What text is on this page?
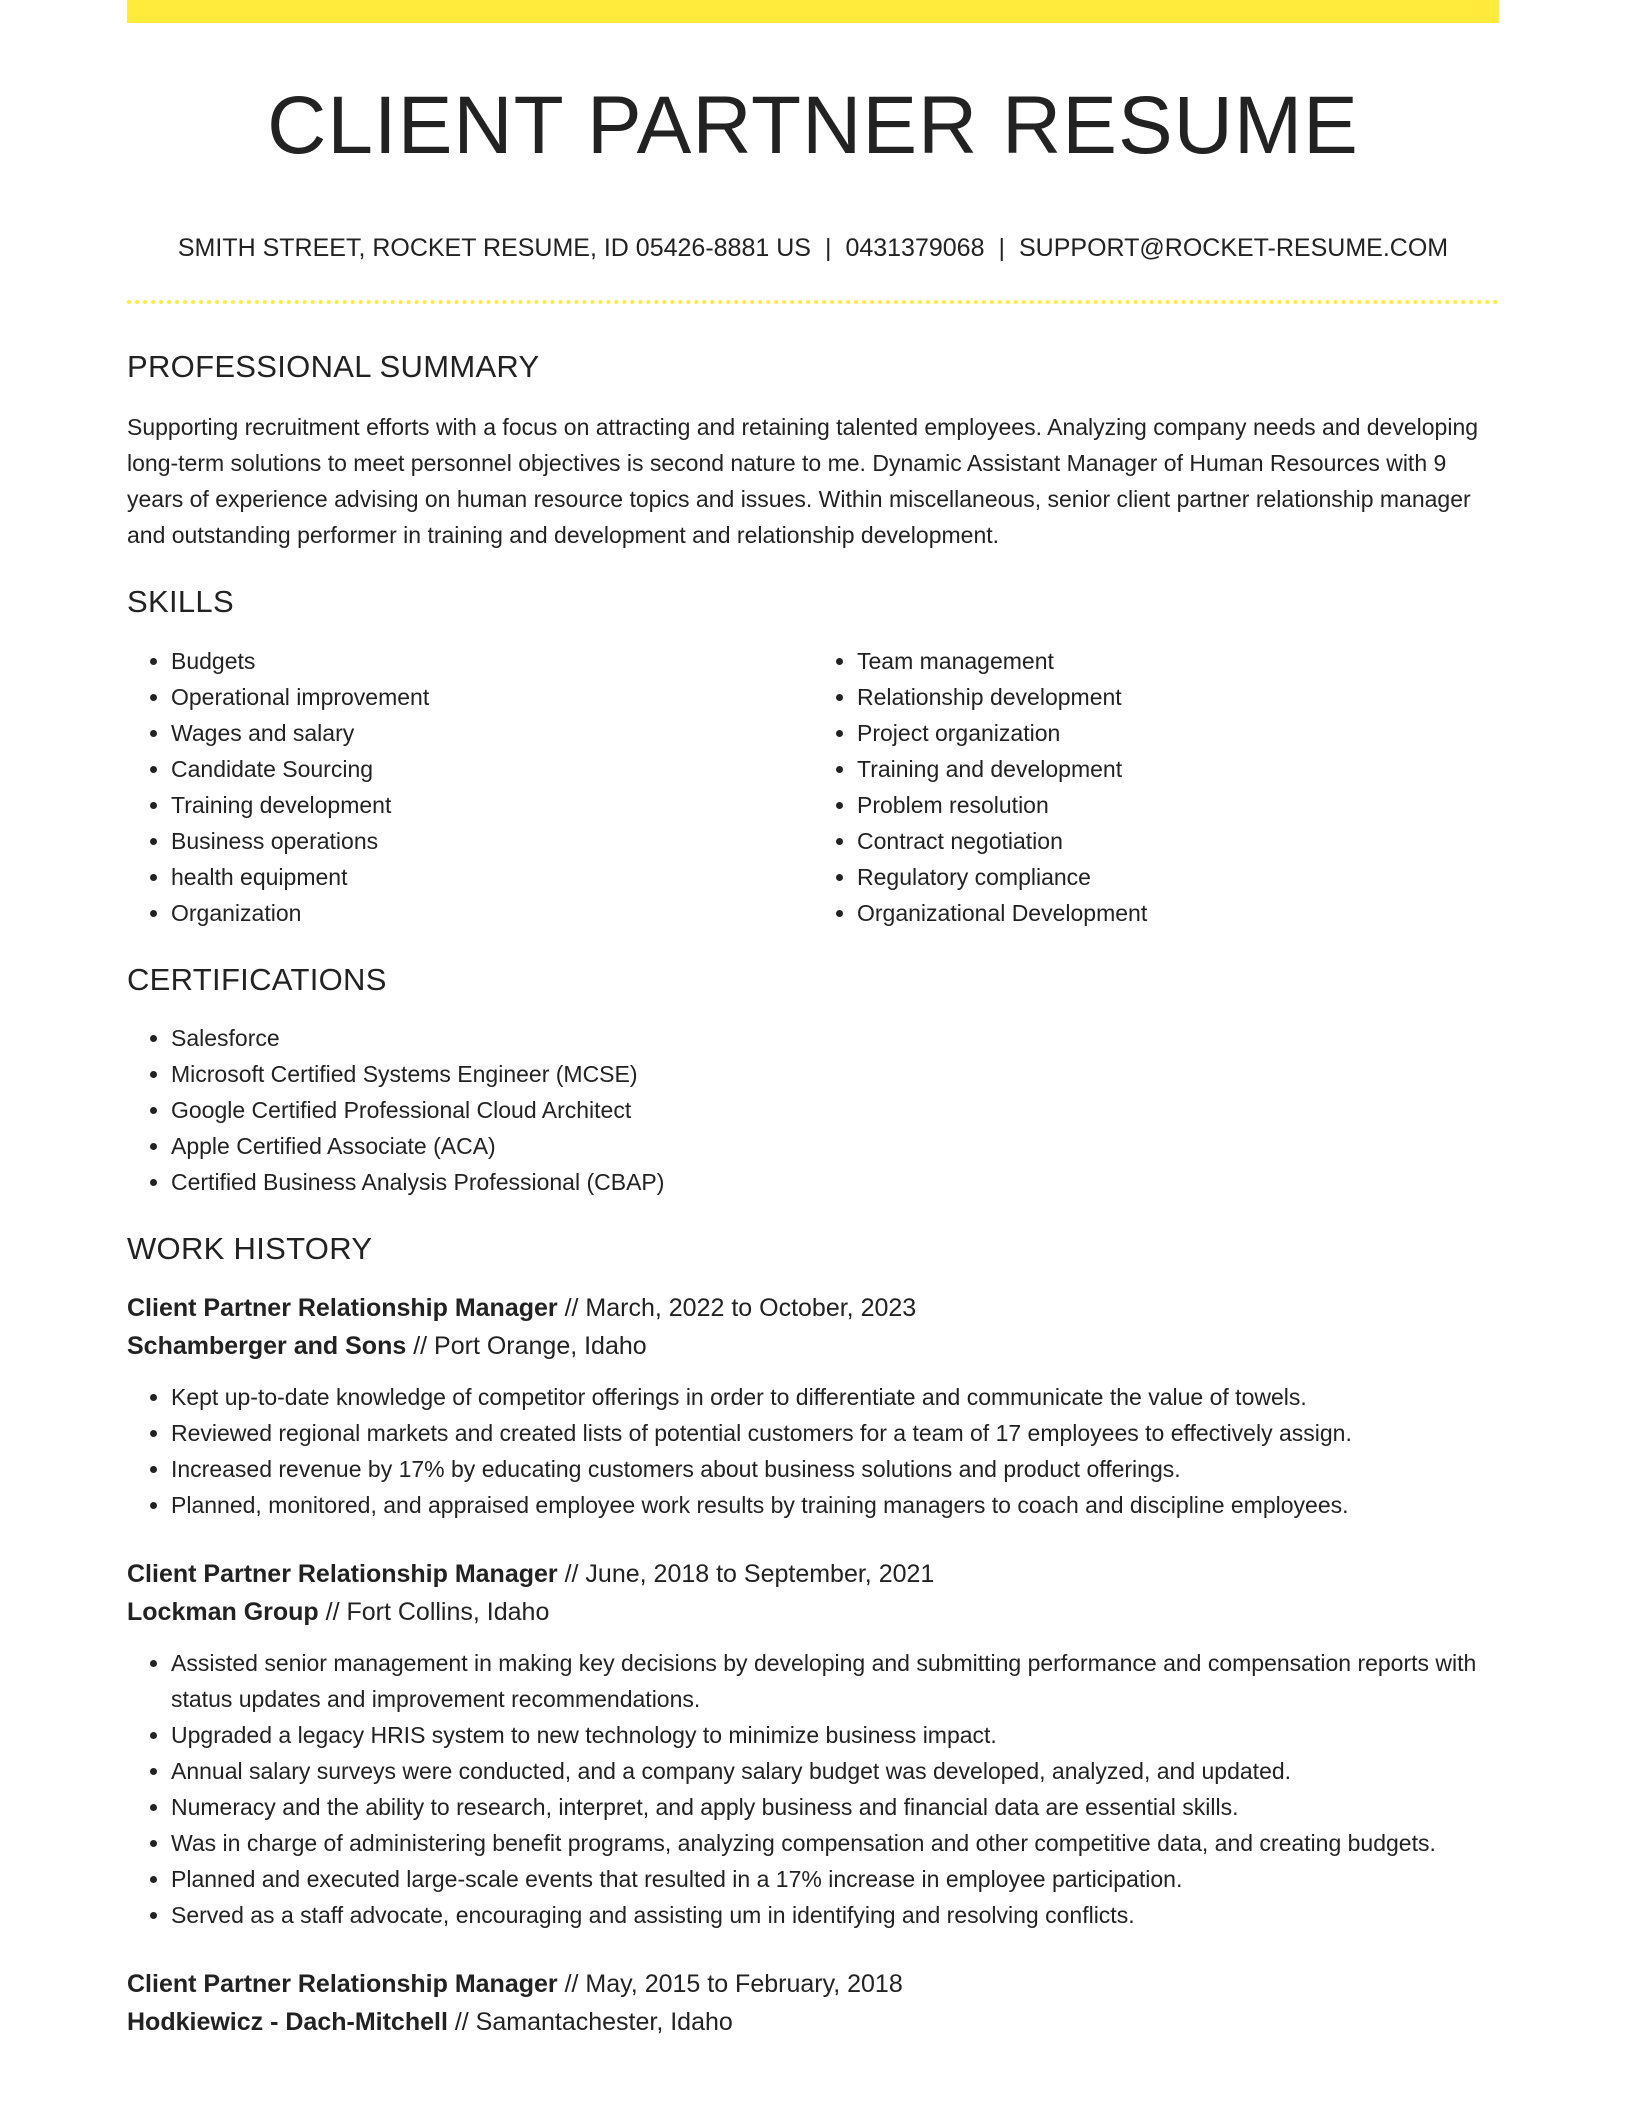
CLIENT PARTNER RESUME
SMITH STREET, ROCKET RESUME, ID 05426-8881 US | 0431379068 | SUPPORT@ROCKET-RESUME.COM
PROFESSIONAL SUMMARY
Supporting recruitment efforts with a focus on attracting and retaining talented employees. Analyzing company needs and developing long-term solutions to meet personnel objectives is second nature to me. Dynamic Assistant Manager of Human Resources with 9 years of experience advising on human resource topics and issues. Within miscellaneous, senior client partner relationship manager and outstanding performer in training and development and relationship development.
SKILLS
• Budgets
• Operational improvement
• Wages and salary
• Candidate Sourcing
• Training development
• Business operations
• health equipment
• Organization
• Team management
• Relationship development
• Project organization
• Training and development
• Problem resolution
• Contract negotiation
• Regulatory compliance
• Organizational Development
CERTIFICATIONS
• Salesforce
• Microsoft Certified Systems Engineer (MCSE)
• Google Certified Professional Cloud Architect
• Apple Certified Associate (ACA)
• Certified Business Analysis Professional (CBAP)
WORK HISTORY
Client Partner Relationship Manager // March, 2022 to October, 2023
Schamberger and Sons // Port Orange, Idaho
• Kept up-to-date knowledge of competitor offerings in order to differentiate and communicate the value of towels.
• Reviewed regional markets and created lists of potential customers for a team of 17 employees to effectively assign.
• Increased revenue by 17% by educating customers about business solutions and product offerings.
• Planned, monitored, and appraised employee work results by training managers to coach and discipline employees.
Client Partner Relationship Manager // June, 2018 to September, 2021
Lockman Group // Fort Collins, Idaho
• Assisted senior management in making key decisions by developing and submitting performance and compensation reports with status updates and improvement recommendations.
• Upgraded a legacy HRIS system to new technology to minimize business impact.
• Annual salary surveys were conducted, and a company salary budget was developed, analyzed, and updated.
• Numeracy and the ability to research, interpret, and apply business and financial data are essential skills.
• Was in charge of administering benefit programs, analyzing compensation and other competitive data, and creating budgets.
• Planned and executed large-scale events that resulted in a 17% increase in employee participation.
• Served as a staff advocate, encouraging and assisting um in identifying and resolving conflicts.
Client Partner Relationship Manager // May, 2015 to February, 2018
Hodkiewicz - Dach-Mitchell // Samantachester, Idaho
